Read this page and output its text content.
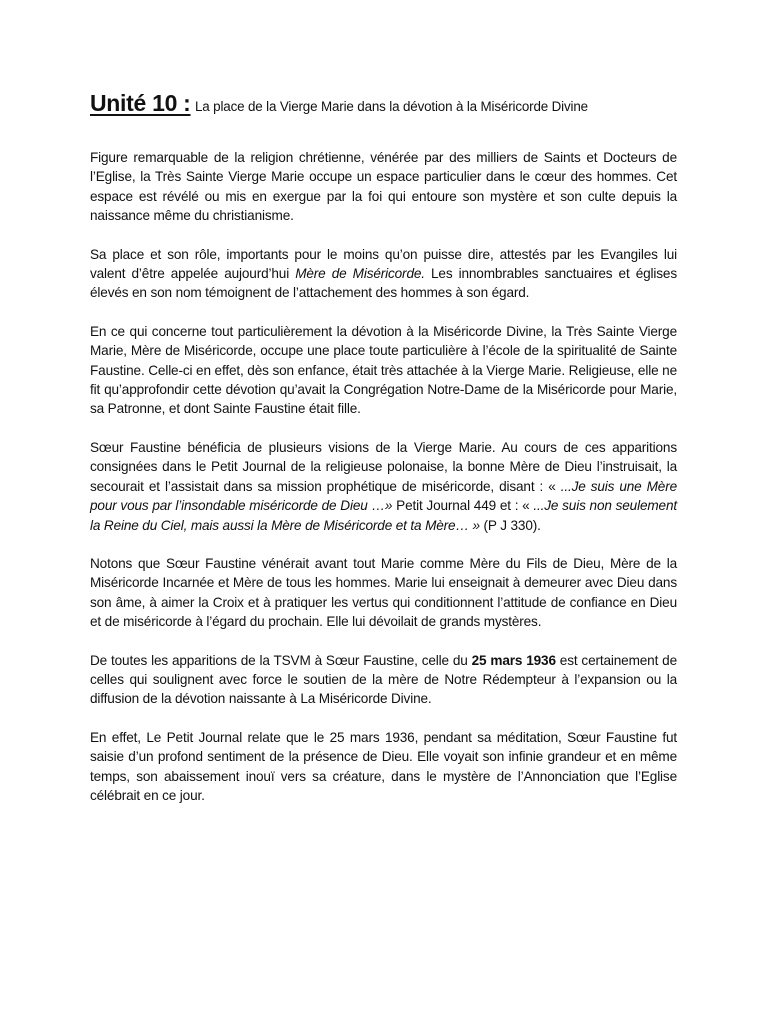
Unité 10 : La place de la Vierge Marie dans la dévotion à la Miséricorde Divine

Figure remarquable de la religion chrétienne, vénérée par des milliers de Saints et Docteurs de l’Eglise, la Très Sainte Vierge Marie occupe un espace particulier dans le cœur des hommes. Cet espace est révélé ou mis en exergue par la foi qui entoure son mystère et son culte depuis la naissance même du christianisme.

Sa place et son rôle, importants pour le moins qu’on puisse dire, attestés par les Evangiles lui valent d’être appelée aujourd’hui Mère de Miséricorde. Les innombrables sanctuaires et églises élevés en son nom témoignent de l’attachement des hommes à son égard.

En ce qui concerne tout particulièrement la dévotion à la Miséricorde Divine, la Très Sainte Vierge Marie, Mère de Miséricorde, occupe une place toute particulière à l’école de la spiritualité de Sainte Faustine. Celle-ci en effet, dès son enfance, était très attachée à la Vierge Marie. Religieuse, elle ne fit qu’approfondir cette dévotion qu’avait la Congrégation Notre-Dame de la Miséricorde pour Marie, sa Patronne, et dont Sainte Faustine était fille.

Sœur Faustine bénéficia de plusieurs visions de la Vierge Marie. Au cours de ces apparitions consignées dans le Petit Journal de la religieuse polonaise, la bonne Mère de Dieu l’instruisait, la secourait et l’assistait dans sa mission prophétique de miséricorde, disant : « ...Je suis une Mère pour vous par l’insondable miséricorde de Dieu …» Petit Journal 449 et : « ...Je suis non seulement la Reine du Ciel, mais aussi la Mère de Miséricorde et ta Mère… » (P J 330).

Notons que Sœur Faustine vénérait avant tout Marie comme Mère du Fils de Dieu, Mère de la Miséricorde Incarnée et Mère de tous les hommes. Marie lui enseignait à demeurer avec Dieu dans son âme, à aimer la Croix et à pratiquer les vertus qui conditionnent l’attitude de confiance en Dieu et de miséricorde à l’égard du prochain. Elle lui dévoilait de grands mystères.

De toutes les apparitions de la TSVM à Sœur Faustine, celle du 25 mars 1936 est certainement de celles qui soulignent avec force le soutien de la mère de Notre Rédempteur à l’expansion ou la diffusion de la dévotion naissante à La Miséricorde Divine.

En effet, Le Petit Journal relate que le 25 mars 1936, pendant sa méditation, Sœur Faustine fut saisie d’un profond sentiment de la présence de Dieu. Elle voyait son infinie grandeur et en même temps, son abaissement inouï vers sa créature, dans le mystère de l’Annonciation que l’Eglise célébrait en ce jour.
